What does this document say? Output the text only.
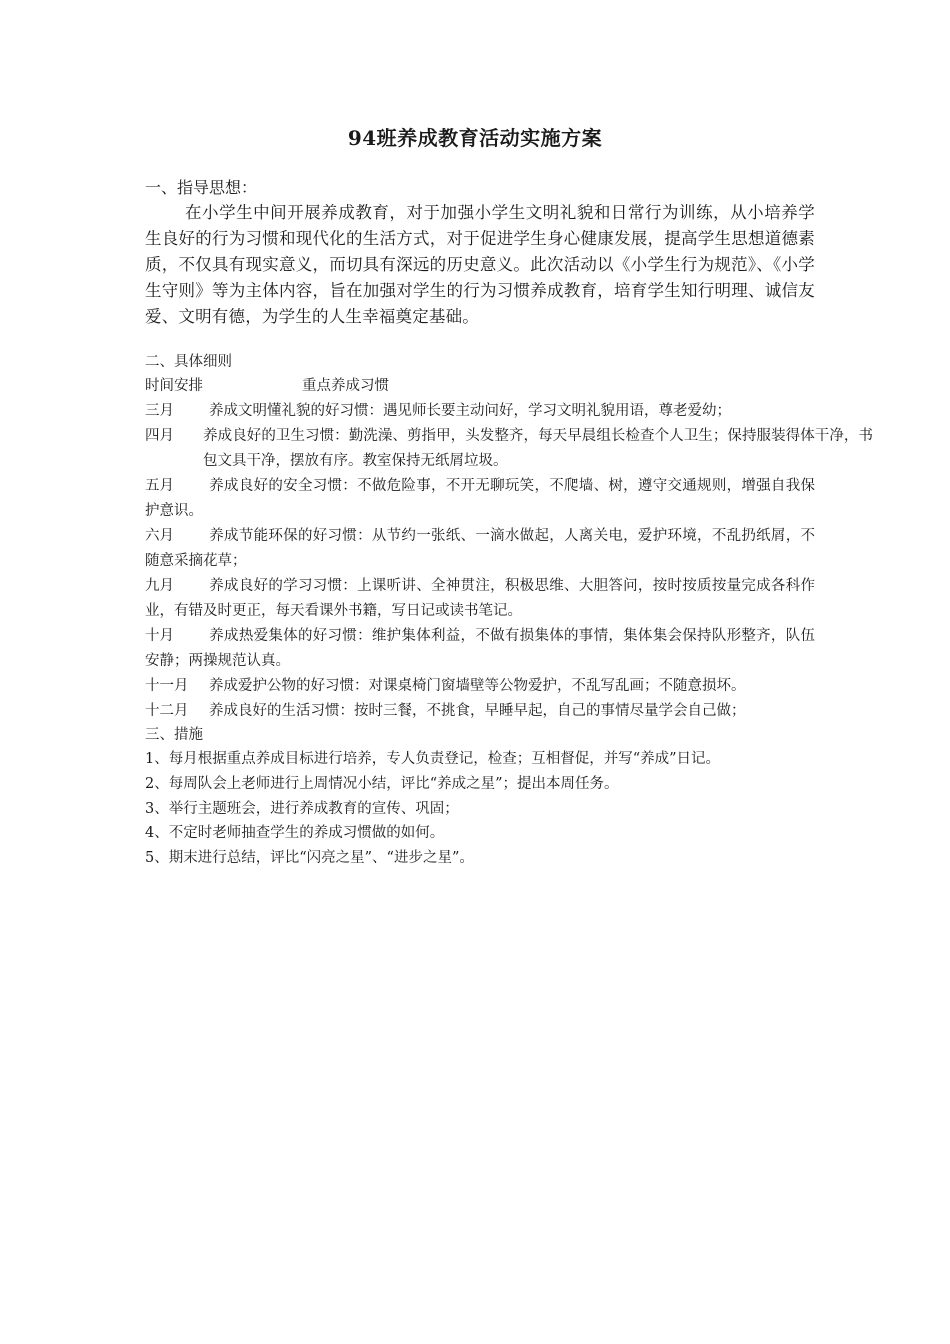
94班养成教育活动实施方案
一、指导思想：
在小学生中间开展养成教育，对于加强小学生文明礼貌和日常行为训练，从小培养学生良好的行为习惯和现代化的生活方式，对于促进学生身心健康发展，提高学生思想道德素质，不仅具有现实意义，而切具有深远的历史意义。此次活动以《小学生行为规范》、《小学生守则》等为主体内容，旨在加强对学生的行为习惯养成教育，培育学生知行明理、诚信友爱、文明有德，为学生的人生幸福奠定基础。
二、具体细则
时间安排	重点养成习惯
三月 养成文明懂礼貌的好习惯：遇见师长要主动问好，学习文明礼貌用语，尊老爱幼；
四月 养成良好的卫生习惯：勤洗澡、剪指甲，头发整齐，每天早晨组长检查个人卫生；保持服装得体干净，书包文具干净，摆放有序。教室保持无纸屑垃圾。
五月 养成良好的安全习惯：不做危险事，不开无聊玩笑，不爬墙、树，遵守交通规则，增强自我保护意识。
六月 养成节能环保的好习惯：从节约一张纸、一滴水做起，人离关电，爱护环境，不乱扔纸屑，不随意采摘花草；
九月 养成良好的学习习惯：上课听讲、全神贯注，积极思维、大胆答问，按时按质按量完成各科作业，有错及时更正，每天看课外书籍，写日记或读书笔记。
十月 养成热爱集体的好习惯：维护集体利益，不做有损集体的事情，集体集会保持队形整齐，队伍安静；两操规范认真。
十一月 养成爱护公物的好习惯：对课桌椅门窗墙壁等公物爱护，不乱写乱画；不随意损坏。
十二月 养成良好的生活习惯：按时三餐，不挑食，早睡早起，自己的事情尽量学会自己做；
三、措施
1、每月根据重点养成目标进行培养，专人负责登记，检查；互相督促，并写“养成”日记。
2、每周队会上老师进行上周情况小结，评比“养成之星”；提出本周任务。
3、举行主题班会，进行养成教育的宣传、巩固；
4、不定时老师抽查学生的养成习惯做的如何。
5、期末进行总结，评比“闪亮之星”、“进步之星”。
